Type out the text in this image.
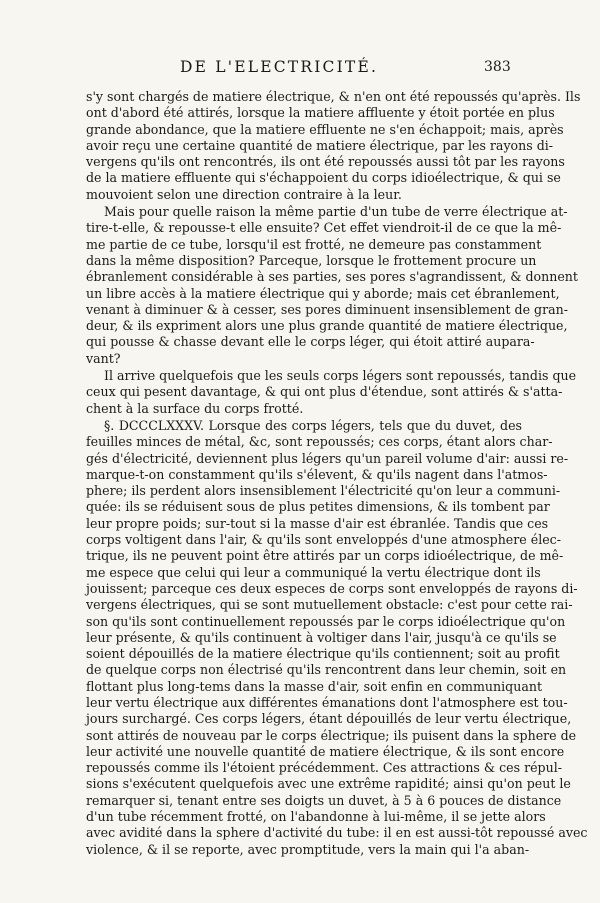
DE L'ELECTRICITÉ.	383
s'y sont chargés de matiere électrique, & n'en ont été repoussés qu'après. Ils
ont d'abord été attirés, lorsque la matiere affluente y étoit portée en plus
grande abondance, que la matiere effluente ne s'en échappoit; mais, après
avoir reçu une certaine quantité de matiere électrique, par les rayons di-
vergens qu'ils ont rencontrés, ils ont été repoussés aussi tôt par les rayons
de la matiere effluente qui s'échappoient du corps idioélectrique, & qui se
mouvoient selon une direction contraire à la leur.
Mais pour quelle raison la même partie d'un tube de verre électrique at-
tire-t-elle, & repousse-t elle ensuite? Cet effet viendroit-il de ce que la mê-
me partie de ce tube, lorsqu'il est frotté, ne demeure pas constamment
dans la même disposition? Parceque, lorsque le frottement procure un
ébranlement considérable à ses parties, ses pores s'agrandissent, & donnent
un libre accès à la matiere électrique qui y aborde; mais cet ébranlement,
venant à diminuer & à cesser, ses pores diminuent insensiblement de gran-
deur, & ils expriment alors une plus grande quantité de matiere électrique,
qui pousse & chasse devant elle le corps léger, qui étoit attiré aupara-
vant?
Il arrive quelquefois que les seuls corps légers sont repoussés, tandis que
ceux qui pesent davantage, & qui ont plus d'étendue, sont attirés & s'atta-
chent à la surface du corps frotté.
§. DCCCLXXXV. Lorsque des corps légers, tels que du duvet, des
feuilles minces de métal, &c, sont repoussés; ces corps, étant alors char-
gés d'électricité, deviennent plus légers qu'un pareil volume d'air: aussi re-
marque-t-on constamment qu'ils s'élevent, & qu'ils nagent dans l'atmos-
phere; ils perdent alors insensiblement l'électricité qu'on leur a communi-
quée: ils se réduisent sous de plus petites dimensions, & ils tombent par
leur propre poids; sur-tout si la masse d'air est ébranlée. Tandis que ces
corps voltigent dans l'air, & qu'ils sont enveloppés d'une atmosphere élec-
trique, ils ne peuvent point être attirés par un corps idioélectrique, de mê-
me espece que celui qui leur a communiqué la vertu électrique dont ils
jouissent; parceque ces deux especes de corps sont enveloppés de rayons di-
vergens électriques, qui se sont mutuellement obstacle: c'est pour cette rai-
son qu'ils sont continuellement repoussés par le corps idioélectrique qu'on
leur présente, & qu'ils continuent à voltiger dans l'air, jusqu'à ce qu'ils se
soient dépouillés de la matiere électrique qu'ils contiennent; soit au profit
de quelque corps non électrisé qu'ils rencontrent dans leur chemin, soit en
flottant plus long-tems dans la masse d'air, soit enfin en communiquant
leur vertu électrique aux différentes émanations dont l'atmosphere est tou-
jours surchargé. Ces corps légers, étant dépouillés de leur vertu électrique,
sont attirés de nouveau par le corps électrique; ils puisent dans la sphere de
leur activité une nouvelle quantité de matiere électrique, & ils sont encore
repoussés comme ils l'étoient précédemment. Ces attractions & ces répul-
sions s'exécutent quelquefois avec une extrême rapidité; ainsi qu'on peut le
remarquer si, tenant entre ses doigts un duvet, à 5 à 6 pouces de distance
d'un tube récemment frotté, on l'abandonne à lui-même, il se jette alors
avec avidité dans la sphere d'activité du tube: il en est aussi-tôt repoussé avec
violence, & il se reporte, avec promptitude, vers la main qui l'a aban-
